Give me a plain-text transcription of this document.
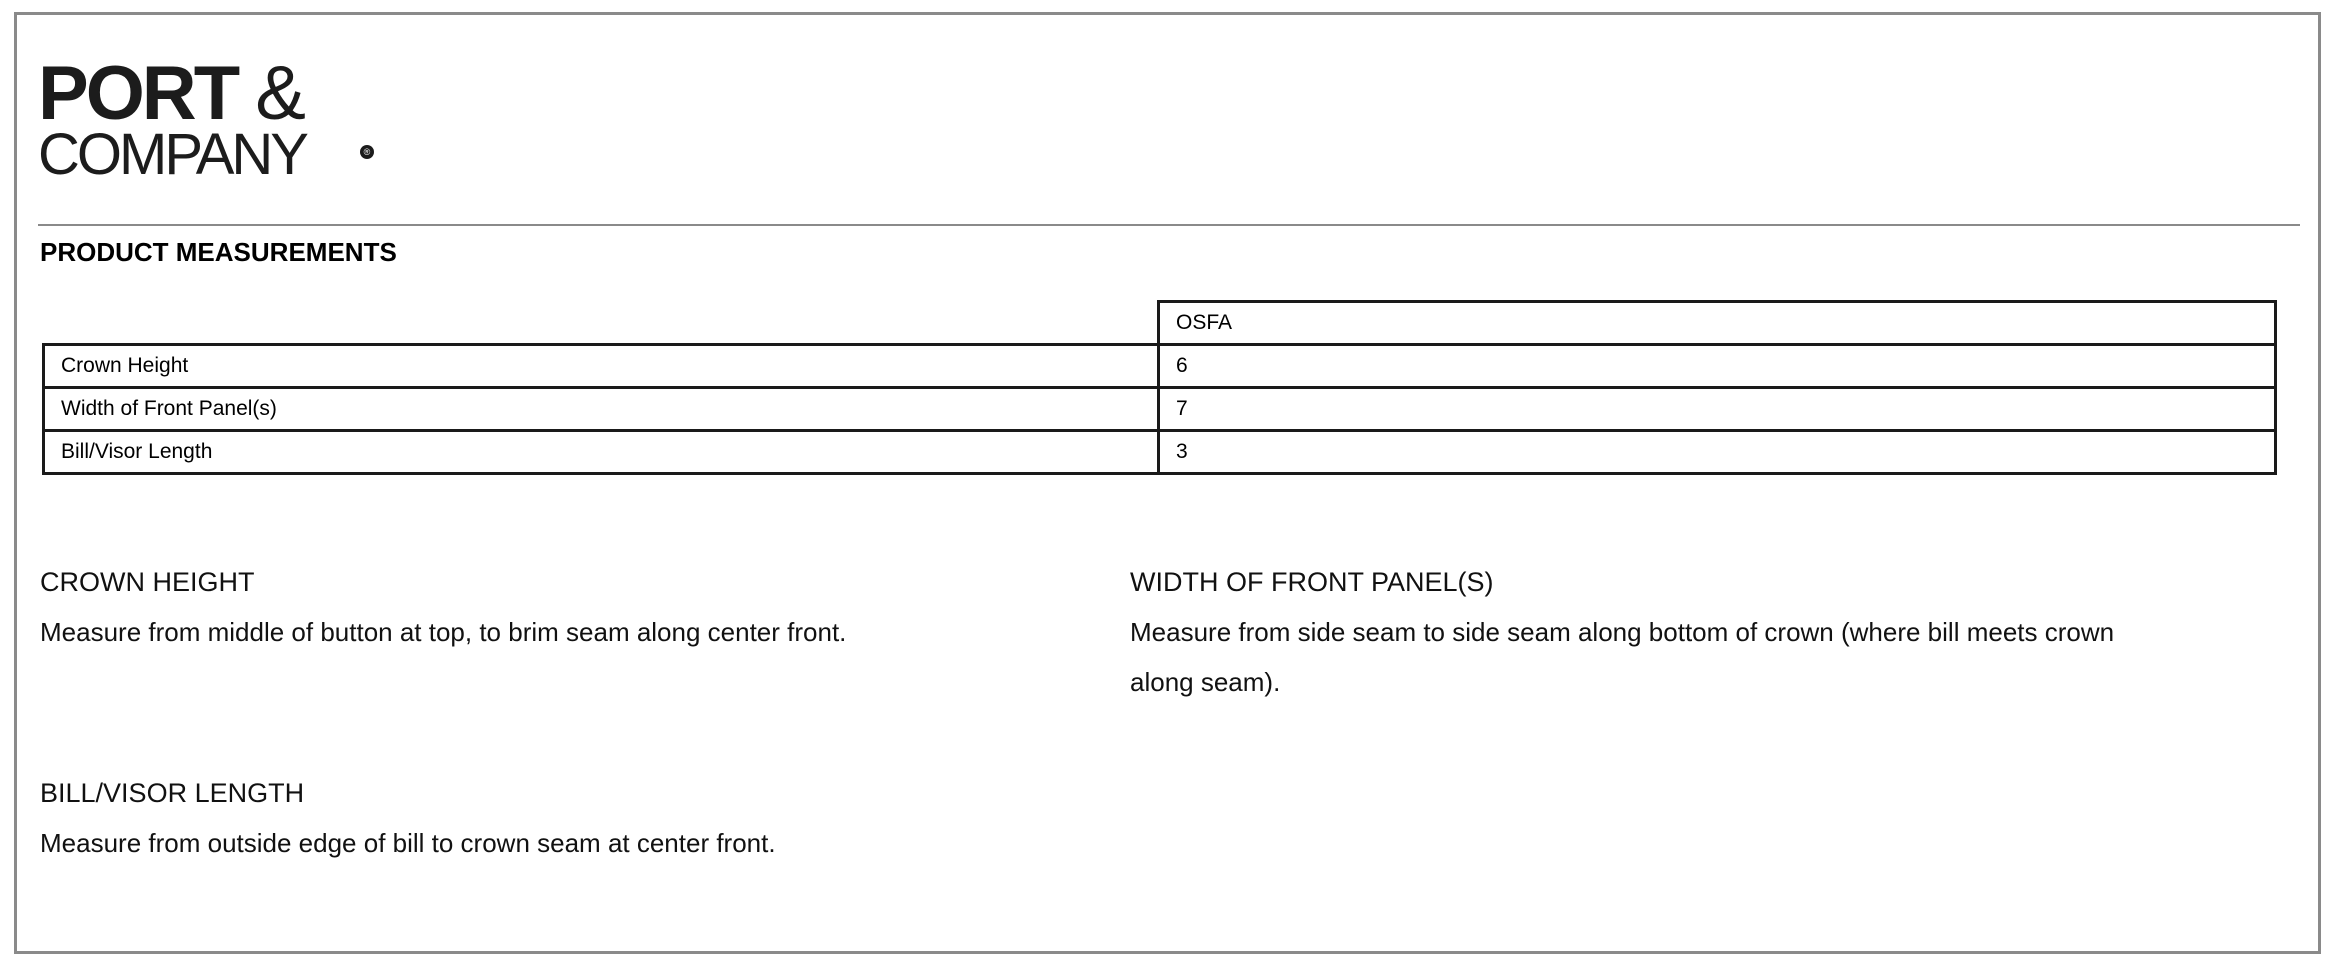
PORT &
COMPANY	®
PRODUCT MEASUREMENTS
	OSFA
Crown Height	6
Width of Front Panel(s)	7
Bill/Visor Length	3
CROWN HEIGHT
Measure from middle of button at top, to brim seam along center front.
WIDTH OF FRONT PANEL(S)
Measure from side seam to side seam along bottom of crown (where bill meets crown along seam).
BILL/VISOR LENGTH
Measure from outside edge of bill to crown seam at center front.
